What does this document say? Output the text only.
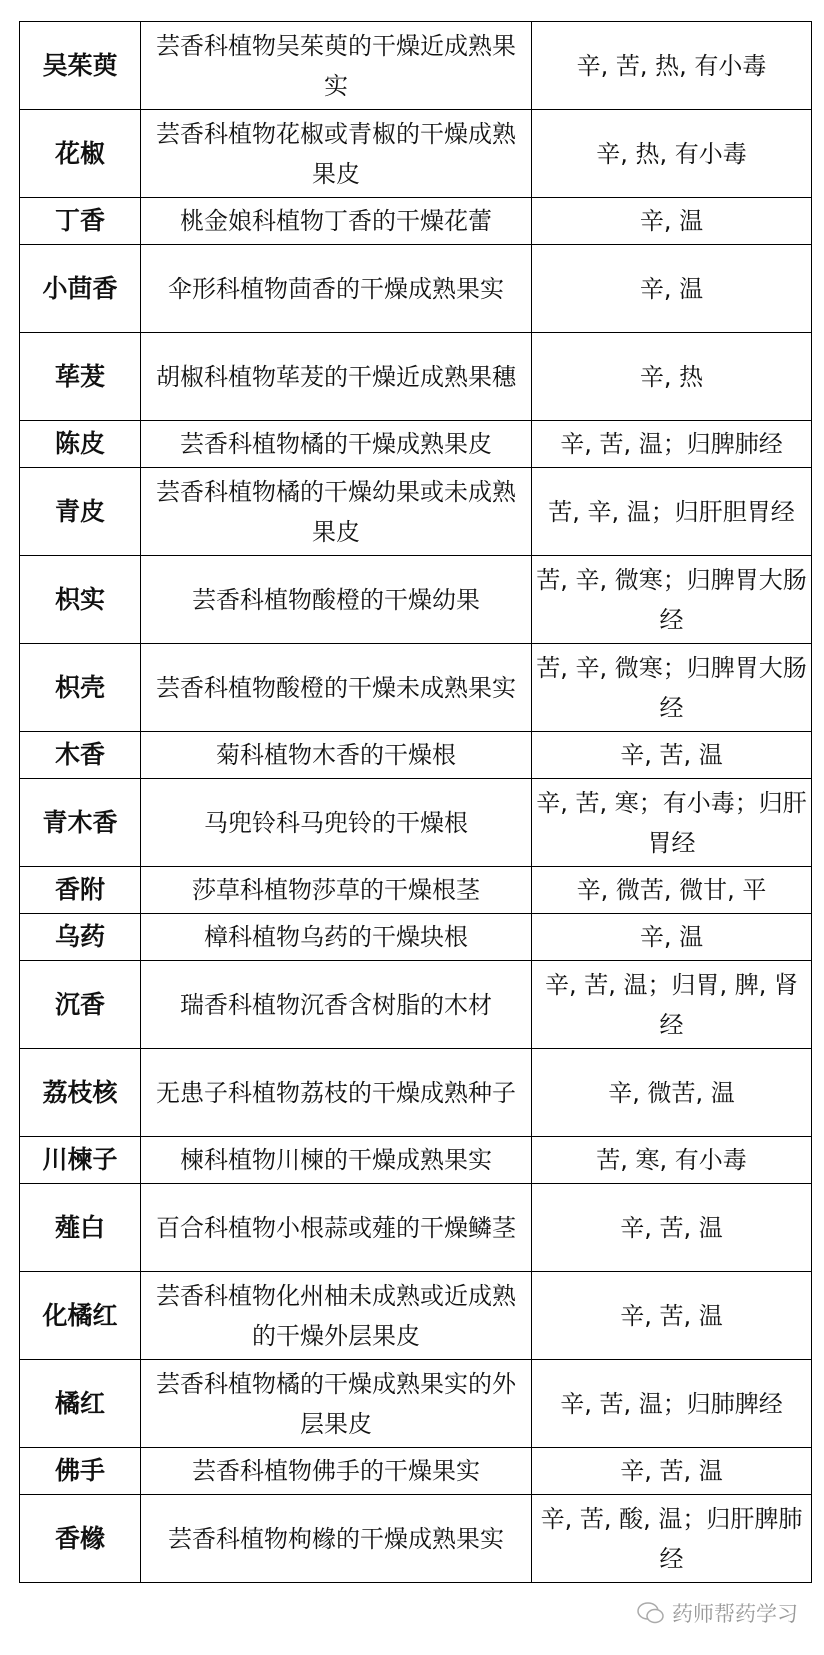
吴茱萸	芸香科植物吴茱萸的干燥近成熟果实	辛, 苦, 热, 有小毒
花椒	芸香科植物花椒或青椒的干燥成熟果皮	辛, 热, 有小毒
丁香	桃金娘科植物丁香的干燥花蕾	辛, 温
小茴香	伞形科植物茴香的干燥成熟果实	辛, 温
荜茇	胡椒科植物荜茇的干燥近成熟果穗	辛, 热
陈皮	芸香科植物橘的干燥成熟果皮	辛, 苦, 温；归脾肺经
青皮	芸香科植物橘的干燥幼果或未成熟果皮	苦, 辛, 温；归肝胆胃经
枳实	芸香科植物酸橙的干燥幼果	苦, 辛, 微寒；归脾胃大肠经
枳壳	芸香科植物酸橙的干燥未成熟果实	苦, 辛, 微寒；归脾胃大肠经
木香	菊科植物木香的干燥根	辛, 苦, 温
青木香	马兜铃科马兜铃的干燥根	辛, 苦, 寒；有小毒；归肝胃经
香附	莎草科植物莎草的干燥根茎	辛, 微苦, 微甘, 平
乌药	樟科植物乌药的干燥块根	辛, 温
沉香	瑞香科植物沉香含树脂的木材	辛, 苦, 温；归胃, 脾, 肾经
荔枝核	无患子科植物荔枝的干燥成熟种子	辛, 微苦, 温
川楝子	楝科植物川楝的干燥成熟果实	苦, 寒, 有小毒
薤白	百合科植物小根蒜或薤的干燥鳞茎	辛, 苦, 温
化橘红	芸香科植物化州柚未成熟或近成熟的干燥外层果皮	辛, 苦, 温
橘红	芸香科植物橘的干燥成熟果实的外层果皮	辛, 苦, 温；归肺脾经
佛手	芸香科植物佛手的干燥果实	辛, 苦, 温
香橼	芸香科植物枸橼的干燥成熟果实	辛, 苦, 酸, 温；归肝脾肺经
药师帮药学习
